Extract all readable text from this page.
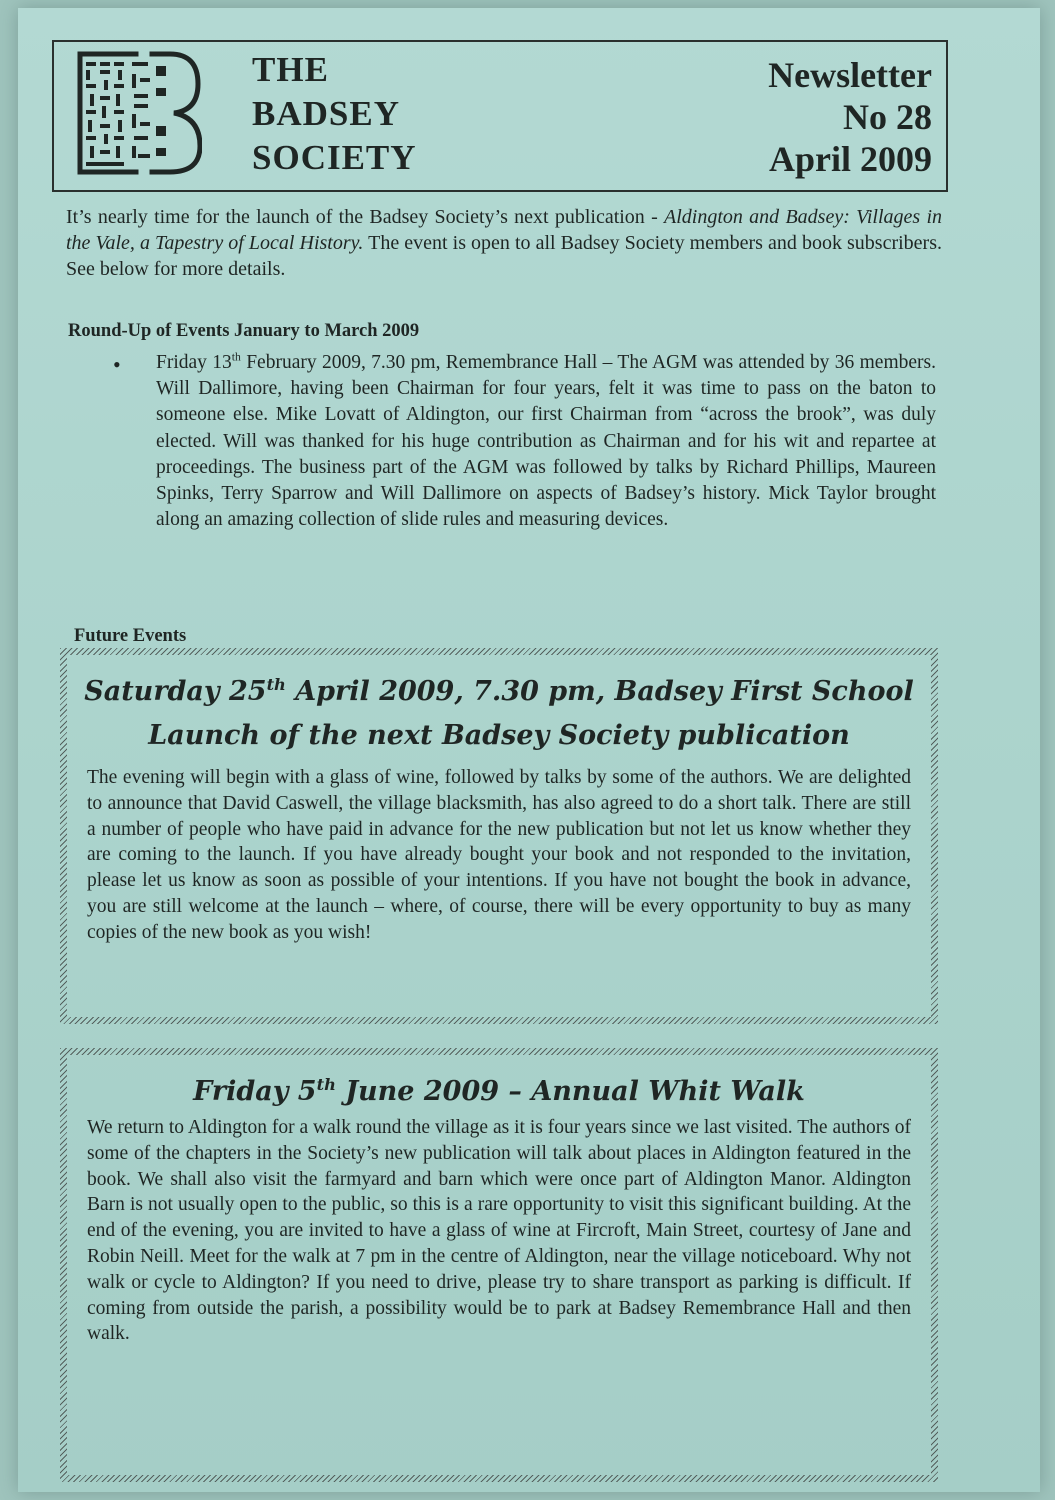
THE
BADSEY
SOCIETY
Newsletter
No 28
April 2009

It’s nearly time for the launch of the Badsey Society’s next publication - Aldington and Badsey: Villages in the Vale, a Tapestry of Local History. The event is open to all Badsey Society members and book subscribers. See below for more details.

Round-Up of Events January to March 2009
• Friday 13th February 2009, 7.30 pm, Remembrance Hall – The AGM was attended by 36 members. Will Dallimore, having been Chairman for four years, felt it was time to pass on the baton to someone else. Mike Lovatt of Aldington, our first Chairman from “across the brook”, was duly elected. Will was thanked for his huge contribution as Chairman and for his wit and repartee at proceedings. The business part of the AGM was followed by talks by Richard Phillips, Maureen Spinks, Terry Sparrow and Will Dallimore on aspects of Badsey’s history. Mick Taylor brought along an amazing collection of slide rules and measuring devices.

Future Events
Saturday 25th April 2009, 7.30 pm, Badsey First School
Launch of the next Badsey Society publication
The evening will begin with a glass of wine, followed by talks by some of the authors. We are delighted to announce that David Caswell, the village blacksmith, has also agreed to do a short talk. There are still a number of people who have paid in advance for the new publication but not let us know whether they are coming to the launch. If you have already bought your book and not responded to the invitation, please let us know as soon as possible of your intentions. If you have not bought the book in advance, you are still welcome at the launch – where, of course, there will be every opportunity to buy as many copies of the new book as you wish!
Friday 5th June 2009 – Annual Whit Walk
We return to Aldington for a walk round the village as it is four years since we last visited. The authors of some of the chapters in the Society’s new publication will talk about places in Aldington featured in the book. We shall also visit the farmyard and barn which were once part of Aldington Manor. Aldington Barn is not usually open to the public, so this is a rare opportunity to visit this significant building. At the end of the evening, you are invited to have a glass of wine at Fircroft, Main Street, courtesy of Jane and Robin Neill. Meet for the walk at 7 pm in the centre of Aldington, near the village noticeboard. Why not walk or cycle to Aldington? If you need to drive, please try to share transport as parking is difficult. If coming from outside the parish, a possibility would be to park at Badsey Remembrance Hall and then walk.
